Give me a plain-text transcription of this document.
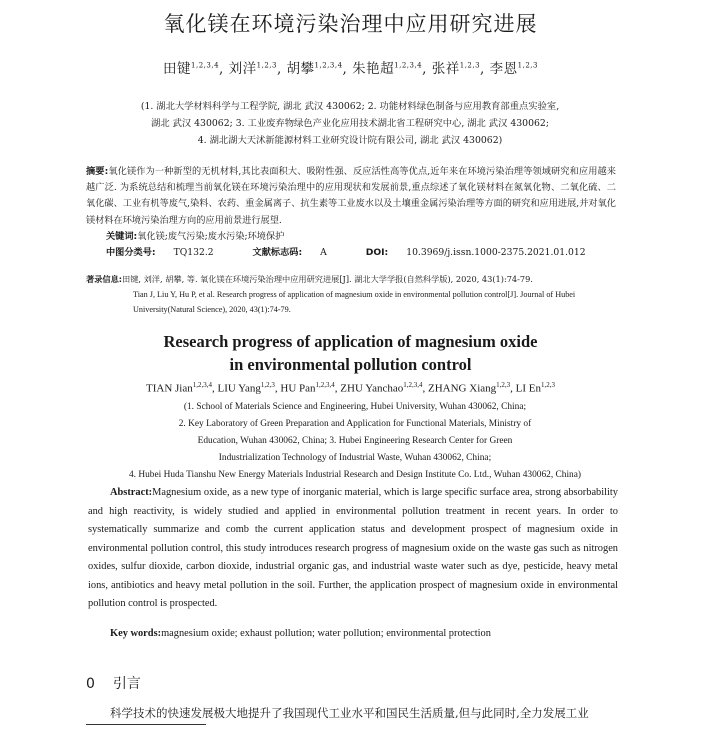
氧化镁在环境污染治理中应用研究进展
田键$^{1,2,3,4}$, 刘洋$^{1,2,3}$, 胡攀$^{1,2,3,4}$, 朱艳超$^{1,2,3,4}$, 张祥$^{1,2,3}$, 李恩$^{1,2,3}$
(1. 湖北大学材料科学与工程学院, 湖北 武汉 430062; 2. 功能材料绿色制备与应用教育部重点实验室,
湖北 武汉 430062; 3. 工业废弃物绿色产业化应用技术湖北省工程研究中心, 湖北 武汉 430062;
4. 湖北湖大天沭新能源材料工业研究设计院有限公司, 湖北 武汉 430062)
摘要:氧化镁作为一种新型的无机材料,其比表面积大、吸附性强、反应活性高等优点,近年来在环境污染治理等领域研究和应用越来越广泛. 为系统总结和梳理当前氧化镁在环境污染治理中的应用现状和发展前景,重点综述了氧化镁材料在氮氧化物、二氧化硫、二氧化碳、工业有机等废气,染料、农药、重金属离子、抗生素等工业废水以及土壤重金属污染治理等方面的研究和应用进展,并对氧化镁材料在环境污染治理方向的应用前景进行展望.
关键词:氧化镁;废气污染;废水污染;环境保护
中图分类号: TQ132.2	文献标志码: A	DOI: 10.3969/j.issn.1000-2375.2021.01.012
著录信息:田键, 刘洋, 胡攀, 等. 氧化镁在环境污染治理中应用研究进展[J]. 湖北大学学报(自然科学版), 2020, 43(1):74-79.
Tian J, Liu Y, Hu P, et al. Research progress of application of magnesium oxide in environmental pollution control[J]. Journal of Hubei University(Natural Science), 2020, 43(1):74-79.
Research progress of application of magnesium oxide
in environmental pollution control
TIAN Jian$^{1,2,3,4}$, LIU Yang$^{1,2,3}$, HU Pan$^{1,2,3,4}$, ZHU Yanchao$^{1,2,3,4}$, ZHANG Xiang$^{1,2,3}$, LI En$^{1,2,3}$
(1. School of Materials Science and Engineering, Hubei University, Wuhan 430062, China;
2. Key Laboratory of Green Preparation and Application for Functional Materials, Ministry of
Education, Wuhan 430062, China; 3. Hubei Engineering Research Center for Green
Industrialization Technology of Industrial Waste, Wuhan 430062, China;
4. Hubei Huda Tianshu New Energy Materials Industrial Research and Design Institute Co. Ltd., Wuhan 430062, China)
Abstract:Magnesium oxide, as a new type of inorganic material, which is large specific surface area, strong absorbability and high reactivity, is widely studied and applied in environmental pollution treatment in recent years. In order to systematically summarize and comb the current application status and development prospect of magnesium oxide in environmental pollution control, this study introduces research progress of magnesium oxide on the waste gas such as nitrogen oxides, sulfur dioxide, carbon dioxide, industrial organic gas, and industrial waste water such as dye, pesticide, heavy metal ions, antibiotics and heavy metal pollution in the soil. Further, the application prospect of magnesium oxide in environmental pollution control is prospected.
Key words:magnesium oxide; exhaust pollution; water pollution; environmental protection
0 引言
科学技术的快速发展极大地提升了我国现代工业水平和国民生活质量,但与此同时,全力发展工业
